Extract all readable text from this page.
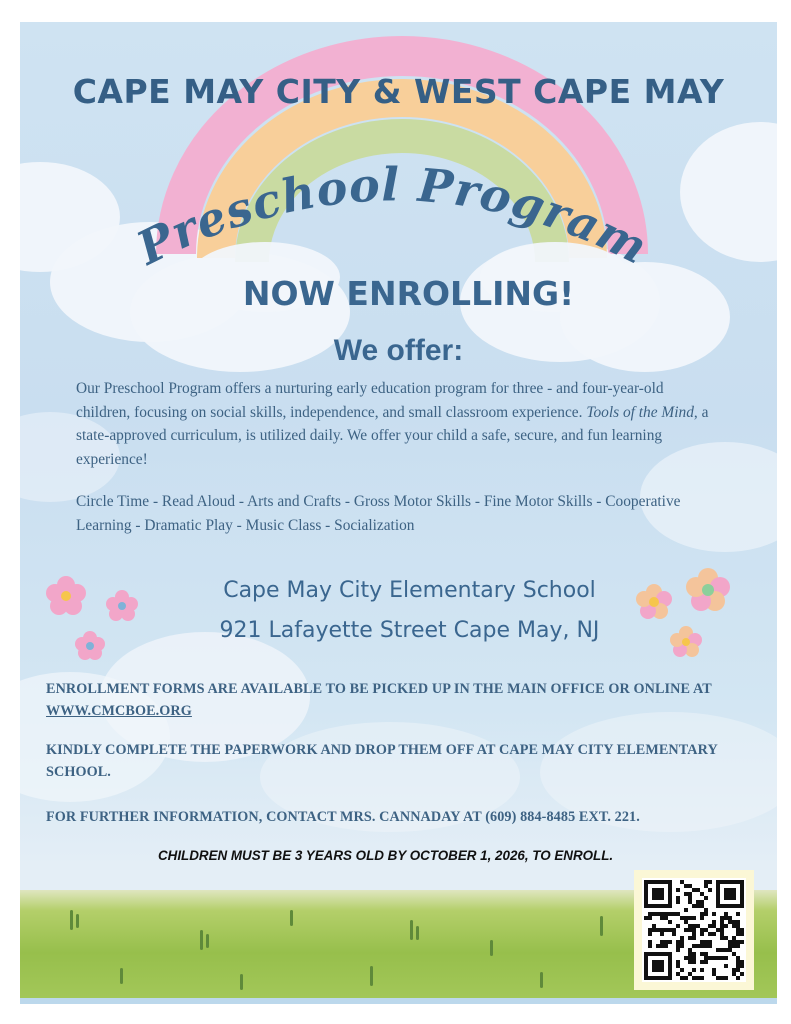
CAPE MAY CITY & WEST CAPE MAY
Preschool Program
NOW ENROLLING!
We offer:

Our Preschool Program offers a nurturing early education program for three - and four-year-old children, focusing on social skills, independence, and small classroom experience. Tools of the Mind, a state-approved curriculum, is utilized daily. We offer your child a safe, secure, and fun learning experience!

Circle Time - Read Aloud - Arts and Crafts - Gross Motor Skills - Fine Motor Skills - Cooperative Learning - Dramatic Play - Music Class - Socialization

Cape May City Elementary School

921 Lafayette Street Cape May, NJ

ENROLLMENT FORMS ARE AVAILABLE TO BE PICKED UP IN THE MAIN OFFICE OR ONLINE AT WWW.CMCBOE.ORG

KINDLY COMPLETE THE PAPERWORK AND DROP THEM OFF AT CAPE MAY CITY ELEMENTARY SCHOOL.

FOR FURTHER INFORMATION, CONTACT MRS. CANNADAY AT (609) 884-8485 EXT. 221.

CHILDREN MUST BE 3 YEARS OLD BY OCTOBER 1, 2026, TO ENROLL.
